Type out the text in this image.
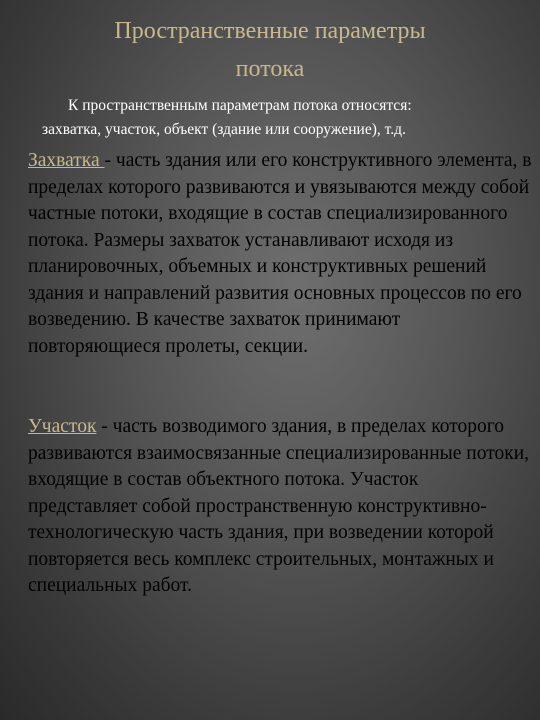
Пространственные параметры
потока

К пространственным параметрам потока относятся:
захватка, участок, объект (здание или сооружение), т.д.

Захватка - часть здания или его конструктивного элемента, в пределах которого развиваются и увязываются между собой частные потоки, входящие в состав специализированного потока. Размеры захваток устанавливают исходя из планировочных, объемных и конструктивных решений здания и направлений развития основных процессов по его возведению. В качестве захваток принимают повторяющиеся пролеты, секции.

Участок - часть возводимого здания, в пределах которого развиваются взаимосвязанные специализированные потоки, входящие в состав объектного потока. Участок представляет собой пространственную конструктивно-технологическую часть здания, при возведении которой повторяется весь комплекс строительных, монтажных и специальных работ.
